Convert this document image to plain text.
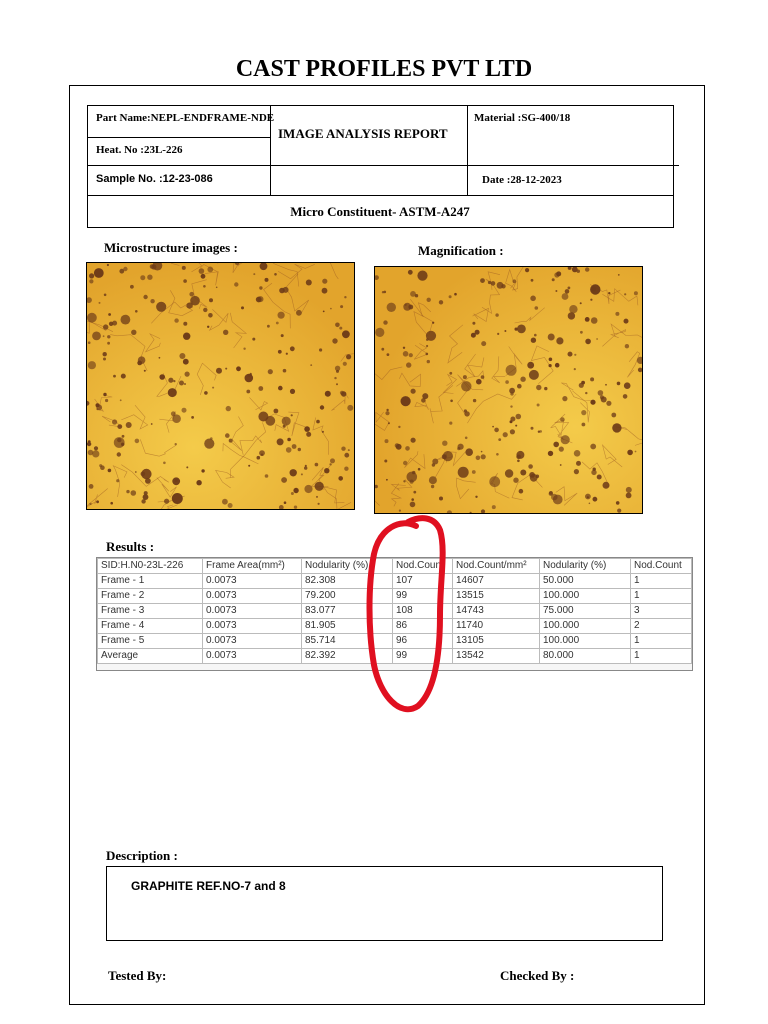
CAST PROFILES PVT LTD
Part Name:NEPL-ENDFRAME-NDE
IMAGE ANALYSIS REPORT
Material :SG-400/18
Heat. No :23L-226
Sample No. :12-23-086	Date :28-12-2023
Micro Constituent- ASTM-A247
Microstructure images :	Magnification :
Results :
SID:H.N0-23L-226	Frame Area(mm²)	Nodularity (%)	Nod.Count	Nod.Count/mm²	Nodularity (%)	Nod.Count
Frame - 1	0.0073	82.308	107	14607	50.000	1
Frame - 2	0.0073	79.200	99	13515	100.000	1
Frame - 3	0.0073	83.077	108	14743	75.000	3
Frame - 4	0.0073	81.905	86	11740	100.000	2
Frame - 5	0.0073	85.714	96	13105	100.000	1
Average	0.0073	82.392	99	13542	80.000	1
Description :
GRAPHITE REF.NO-7 and 8
Tested By:	Checked By :
